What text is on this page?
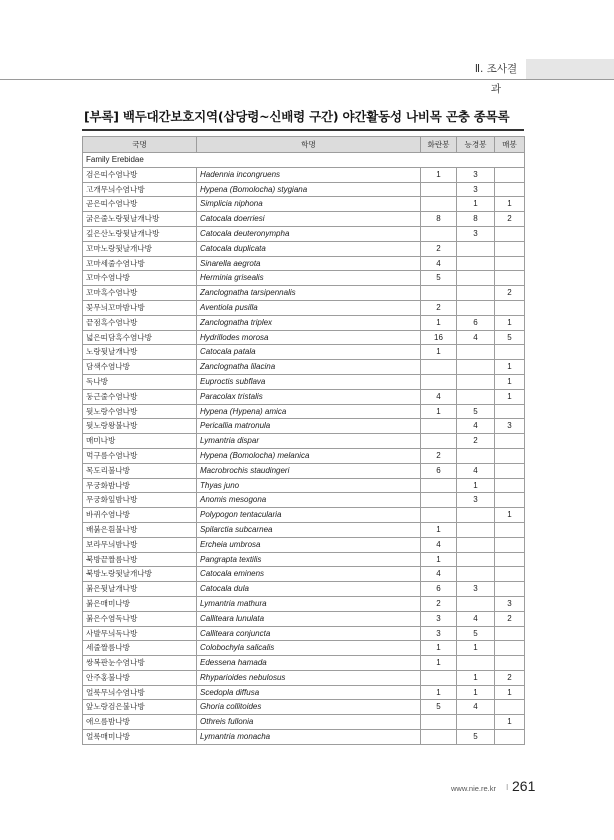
Ⅱ. 조사결과
[부록] 백두대간보호지역(삽당령~신배령 구간) 야간활동성 나비목 곤충 종목록
국명	학명	화란봉	능경봉	매봉
Family Erebidae				
검은띠수염나방	Hadennia incongruens	1	3	
고개무늬수염나방	Hypena (Bomolocha) stygiana		3	
곧은띠수염나방	Simplicia niphona		1	1
굵은줄노랑뒷날개나방	Catocala doerriesi	8	8	2
깊은산노랑뒷날개나방	Catocala deuteronympha		3	
꼬마노랑뒷날개나방	Catocala duplicata	2		
꼬마세줄수염나방	Sinarella aegrota	4		
꼬마수염나방	Herminia grisealis	5		
꼬마흑수염나방	Zanclognatha tarsipennalis			2
꽃무늬꼬마밤나방	Aventiola pusilla	2		
끝점흑수염나방	Zanclognatha triplex	1	6	1
넓은띠담흑수염나방	Hydrillodes morosa	16	4	5
노랑뒷날개나방	Catocala patala	1		
담색수염나방	Zanclognatha lilacina			1
독나방	Euproctis subflava			1
둥근줄수염나방	Paracolax tristalis	4		1
뒷노랑수염나방	Hypena (Hypena) amica	1	5	
뒷노랑왕불나방	Pericallia matronula		4	3
매미나방	Lymantria dispar		2	
먹구름수염나방	Hypena (Bomolocha) melanica	2		
목도리불나방	Macrobrochis staudingeri	6	4	
무궁화밤나방	Thyas juno		1	
무궁화잎밤나방	Anomis mesogona		3	
바퀴수염나방	Polypogon tentacularia			1
배붉은흰불나방	Spilarctia subcarnea	1		
보라무늬밤나방	Ercheia umbrosa	4		
북방끝짤름나방	Pangrapta textilis	1		
북방노랑뒷날개나방	Catocala eminens	4		
붉은뒷날개나방	Catocala dula	6	3	
붉은매미나방	Lymantria mathura	2		3
붉은수염독나방	Calliteara lunulata	3	4	2
사발무늬독나방	Calliteara conjuncta	3	5	
세줄짤름나방	Colobochyla salicalis	1	1	
쌍복판눈수염나방	Edessena hamada	1		
안주홍불나방	Rhyparioides nebulosus		1	2
얼룩무늬수염나방	Scedopla diffusa	1	1	1
앞노랑검은불나방	Ghoria collitoides	5	4	
애으름밤나방	Othreis fullonia			1
얼룩매미나방	Lymantria monacha		5	
www.nie.re.kr I 261
